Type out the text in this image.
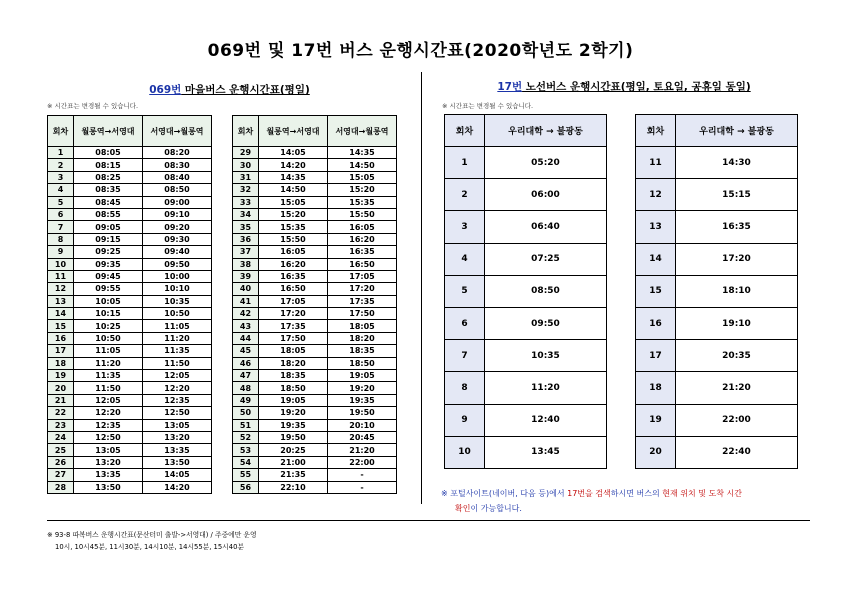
069번 및 17번 버스 운행시간표(2020학년도 2학기)
069번 마을버스 운행시간표(평일)
※ 시간표는 변경될 수 있습니다.
회차	월롱역→서영대	서영대→월롱역
1	08:05	08:20
2	08:15	08:30
3	08:25	08:40
4	08:35	08:50
5	08:45	09:00
6	08:55	09:10
7	09:05	09:20
8	09:15	09:30
9	09:25	09:40
10	09:35	09:50
11	09:45	10:00
12	09:55	10:10
13	10:05	10:35
14	10:15	10:50
15	10:25	11:05
16	10:50	11:20
17	11:05	11:35
18	11:20	11:50
19	11:35	12:05
20	11:50	12:20
21	12:05	12:35
22	12:20	12:50
23	12:35	13:05
24	12:50	13:20
25	13:05	13:35
26	13:20	13:50
27	13:35	14:05
28	13:50	14:20
회차	월롱역→서영대	서영대→월롱역
29	14:05	14:35
30	14:20	14:50
31	14:35	15:05
32	14:50	15:20
33	15:05	15:35
34	15:20	15:50
35	15:35	16:05
36	15:50	16:20
37	16:05	16:35
38	16:20	16:50
39	16:35	17:05
40	16:50	17:20
41	17:05	17:35
42	17:20	17:50
43	17:35	18:05
44	17:50	18:20
45	18:05	18:35
46	18:20	18:50
47	18:35	19:05
48	18:50	19:20
49	19:05	19:35
50	19:20	19:50
51	19:35	20:10
52	19:50	20:45
53	20:25	21:20
54	21:00	22:00
55	21:35	-
56	22:10	-
17번 노선버스 운행시간표(평일, 토요일, 공휴일 동일)
※ 시간표는 변경될 수 있습니다.
회차	우리대학 → 불광동
1	05:20
2	06:00
3	06:40
4	07:25
5	08:50
6	09:50
7	10:35
8	11:20
9	12:40
10	13:45
회차	우리대학 → 불광동
11	14:30
12	15:15
13	16:35
14	17:20
15	18:10
16	19:10
17	20:35
18	21:20
19	22:00
20	22:40
※ 포털사이트(네이버, 다음 등)에서 17번을 검색하시면 버스의 현재 위치 및 도착 시간
확인이 가능합니다.
※ 93-8 따복버스 운행시간표(문산터미 출발->서영대) / 주중에만 운영
10시, 10시45분, 11시30분, 14시10분, 14시55분, 15시40분
